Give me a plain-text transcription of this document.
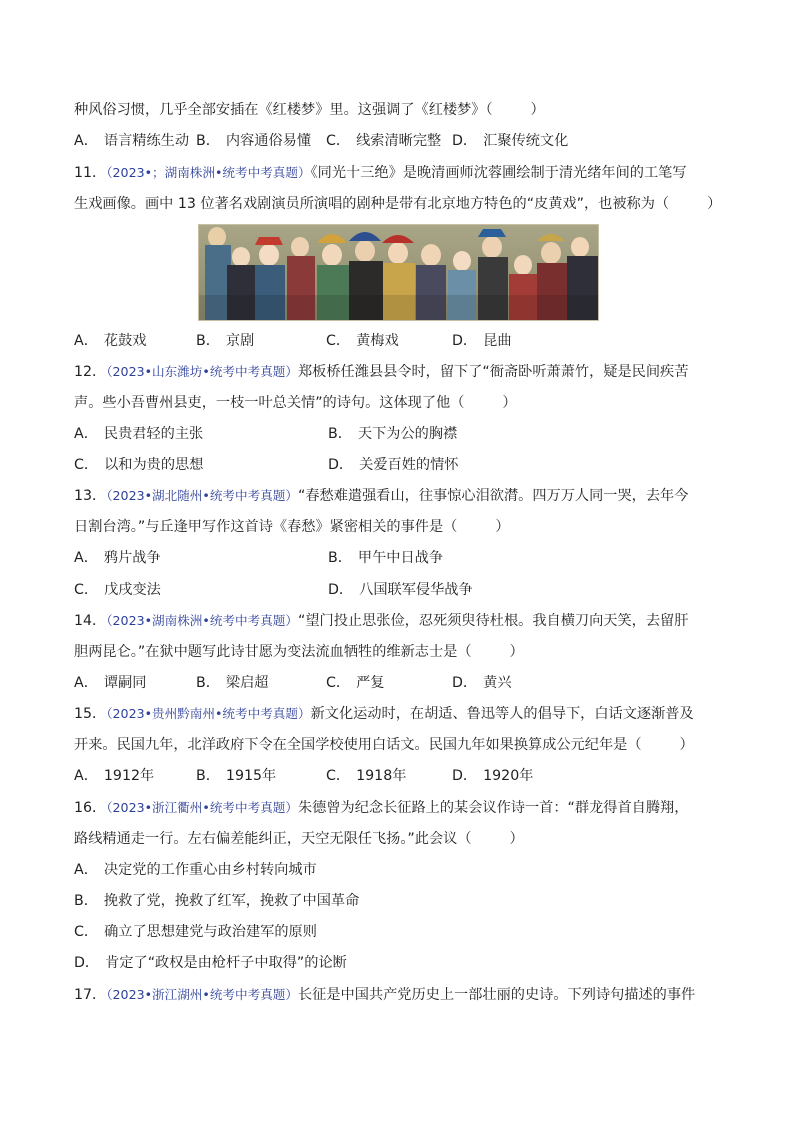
种风俗习惯，几乎全部安插在《红楼梦》里。这强调了《红楼梦》（	）
A． 语言精练生动 B． 内容通俗易懂 C． 线索清晰完整 D． 汇聚传统文化
11．（2023•；湖南株洲•统考中考真题）《同光十三绝》是晚清画师沈蓉圃绘制于清光绪年间的工笔写
生戏画像。画中 13 位著名戏剧演员所演唱的剧种是带有北京地方特色的“皮黄戏”，也被称为（	）
A． 花鼓戏	B． 京剧	C． 黄梅戏	D． 昆曲
12．（2023•山东潍坊•统考中考真题）郑板桥任潍县县令时，留下了“衙斋卧听萧萧竹，疑是民间疾苦
声。些小吾曹州县吏，一枝一叶总关情”的诗句。这体现了他（	）
A． 民贵君轻的主张	B． 天下为公的胸襟
C． 以和为贵的思想	D． 关爱百姓的情怀
13．（2023•湖北随州•统考中考真题）“春愁难遣强看山，往事惊心泪欲潸。四万万人同一哭，去年今
日割台湾。”与丘逢甲写作这首诗《春愁》紧密相关的事件是（	）
A． 鸦片战争	B． 甲午中日战争
C． 戊戌变法	D． 八国联军侵华战争
14．（2023•湖南株洲•统考中考真题）“望门投止思张俭，忍死须臾待杜根。我自横刀向天笑，去留肝
胆两昆仑。”在狱中题写此诗甘愿为变法流血牺牲的维新志士是（	）
A． 谭嗣同	B． 梁启超	C． 严复	D． 黄兴
15．（2023•贵州黔南州•统考中考真题）新文化运动时，在胡适、鲁迅等人的倡导下，白话文逐渐普及
开来。民国九年，北洋政府下令在全国学校使用白话文。民国九年如果换算成公元纪年是（	）
A． 1912年	B． 1915年	C． 1918年	D． 1920年
16．（2023•浙江衢州•统考中考真题）朱德曾为纪念长征路上的某会议作诗一首：“群龙得首自腾翔，
路线精通走一行。左右偏差能纠正，天空无限任飞扬。”此会议（	）
A． 决定党的工作重心由乡村转向城市
B． 挽救了党，挽救了红军，挽救了中国革命
C． 确立了思想建党与政治建军的原则
D． 肯定了“政权是由枪杆子中取得”的论断
17．（2023•浙江湖州•统考中考真题）长征是中国共产党历史上一部壮丽的史诗。下列诗句描述的事件
